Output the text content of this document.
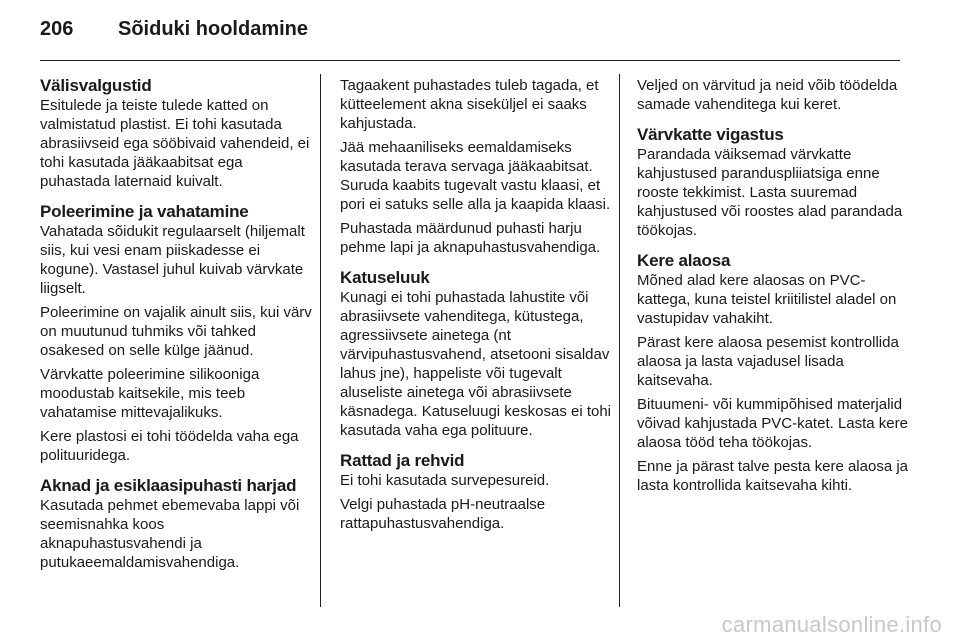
206	Sõiduki hooldamine
Välisvalgustid

Esitulede ja teiste tulede katted on valmistatud plastist. Ei tohi kasutada abrasiivseid ega sööbivaid vahendeid, ei tohi kasutada jääkaabitsat ega puhastada laternaid kuivalt.

Poleerimine ja vahatamine

Vahatada sõidukit regulaarselt (hiljemalt siis, kui vesi enam piiskadesse ei kogune). Vastasel juhul kuivab värvkate liigselt.

Poleerimine on vajalik ainult siis, kui värv on muutunud tuhmiks või tahked osakesed on selle külge jäänud.

Värvkatte poleerimine silikooniga moodustab kaitsekile, mis teeb vahatamise mittevajalikuks.

Kere plastosi ei tohi töödelda vaha ega polituuridega.

Aknad ja esiklaasipuhasti harjad

Kasutada pehmet ebemevaba lappi või seemisnahka koos aknapuhastusvahendi ja putukaeemaldamisvahendiga.

Tagaakent puhastades tuleb tagada, et kütteelement akna siseküljel ei saaks kahjustada.

Jää mehaaniliseks eemaldamiseks kasutada terava servaga jääkaabitsat. Suruda kaabits tugevalt vastu klaasi, et pori ei satuks selle alla ja kaapida klaasi.

Puhastada määrdunud puhasti harju pehme lapi ja aknapuhastusvahendiga.

Katuseluuk

Kunagi ei tohi puhastada lahustite või abrasiivsete vahenditega, kütustega, agressiivsete ainetega (nt värvipuhastusvahend, atsetooni sisaldav lahus jne), happeliste või tugevalt aluseliste ainetega või abrasiivsete käsnadega. Katuseluugi keskosas ei tohi kasutada vaha ega polituure.

Rattad ja rehvid

Ei tohi kasutada survepesureid.

Velgi puhastada pH-neutraalse rattapuhastusvahendiga.

Veljed on värvitud ja neid võib töödelda samade vahenditega kui keret.

Värvkatte vigastus

Parandada väiksemad värvkatte kahjustused paranduspliiatsiga enne rooste tekkimist. Lasta suuremad kahjustused või roostes alad parandada töökojas.

Kere alaosa

Mõned alad kere alaosas on PVC-kattega, kuna teistel kriitilistel aladel on vastupidav vahakiht.

Pärast kere alaosa pesemist kontrollida alaosa ja lasta vajadusel lisada kaitsevaha.

Bituumeni- või kummipõhised materjalid võivad kahjustada PVC-katet. Lasta kere alaosa tööd teha töökojas.

Enne ja pärast talve pesta kere alaosa ja lasta kontrollida kaitsevaha kihti.

carmanualsonline.info
